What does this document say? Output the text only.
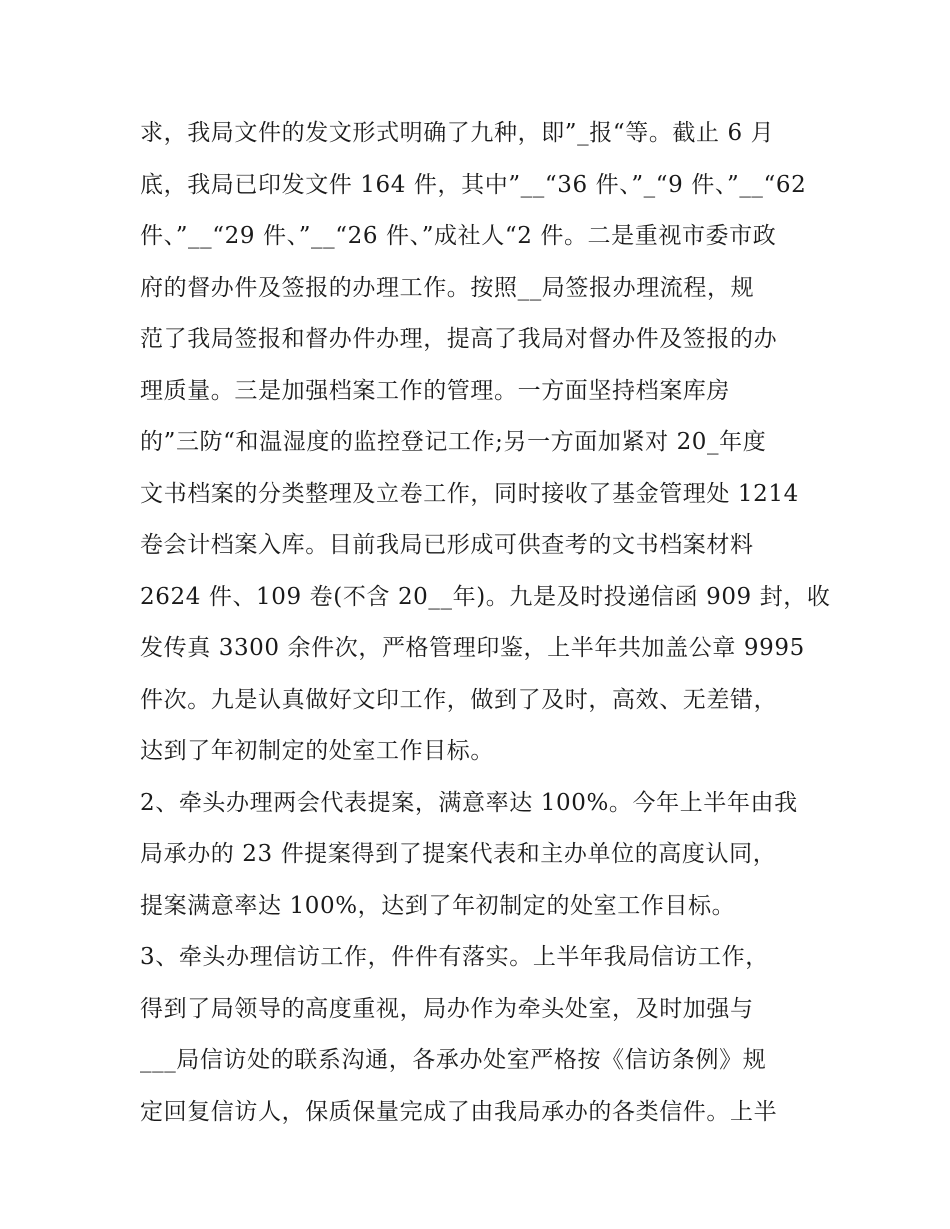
求，我局文件的发文形式明确了九种，即”_报“等。截止 6 月
底，我局已印发文件 164 件，其中”__“36 件、”_“9 件、”__“62
件、”__“29 件、”__“26 件、”成社人“2 件。二是重视市委市政
府的督办件及签报的办理工作。按照__局签报办理流程，规
范了我局签报和督办件办理，提高了我局对督办件及签报的办
理质量。三是加强档案工作的管理。一方面坚持档案库房
的”三防“和温湿度的监控登记工作;另一方面加紧对 20_年度
文书档案的分类整理及立卷工作，同时接收了基金管理处 1214
卷会计档案入库。目前我局已形成可供查考的文书档案材料
2624 件、109 卷(不含 20__年)。九是及时投递信函 909 封，收
发传真 3300 余件次，严格管理印鉴，上半年共加盖公章 9995
件次。九是认真做好文印工作，做到了及时，高效、无差错，
达到了年初制定的处室工作目标。
2、牵头办理两会代表提案，满意率达 100%。今年上半年由我
局承办的 23 件提案得到了提案代表和主办单位的高度认同，
提案满意率达 100%，达到了年初制定的处室工作目标。
3、牵头办理信访工作，件件有落实。上半年我局信访工作，
得到了局领导的高度重视，局办作为牵头处室，及时加强与
___局信访处的联系沟通，各承办处室严格按《信访条例》规
定回复信访人，保质保量完成了由我局承办的各类信件。上半
